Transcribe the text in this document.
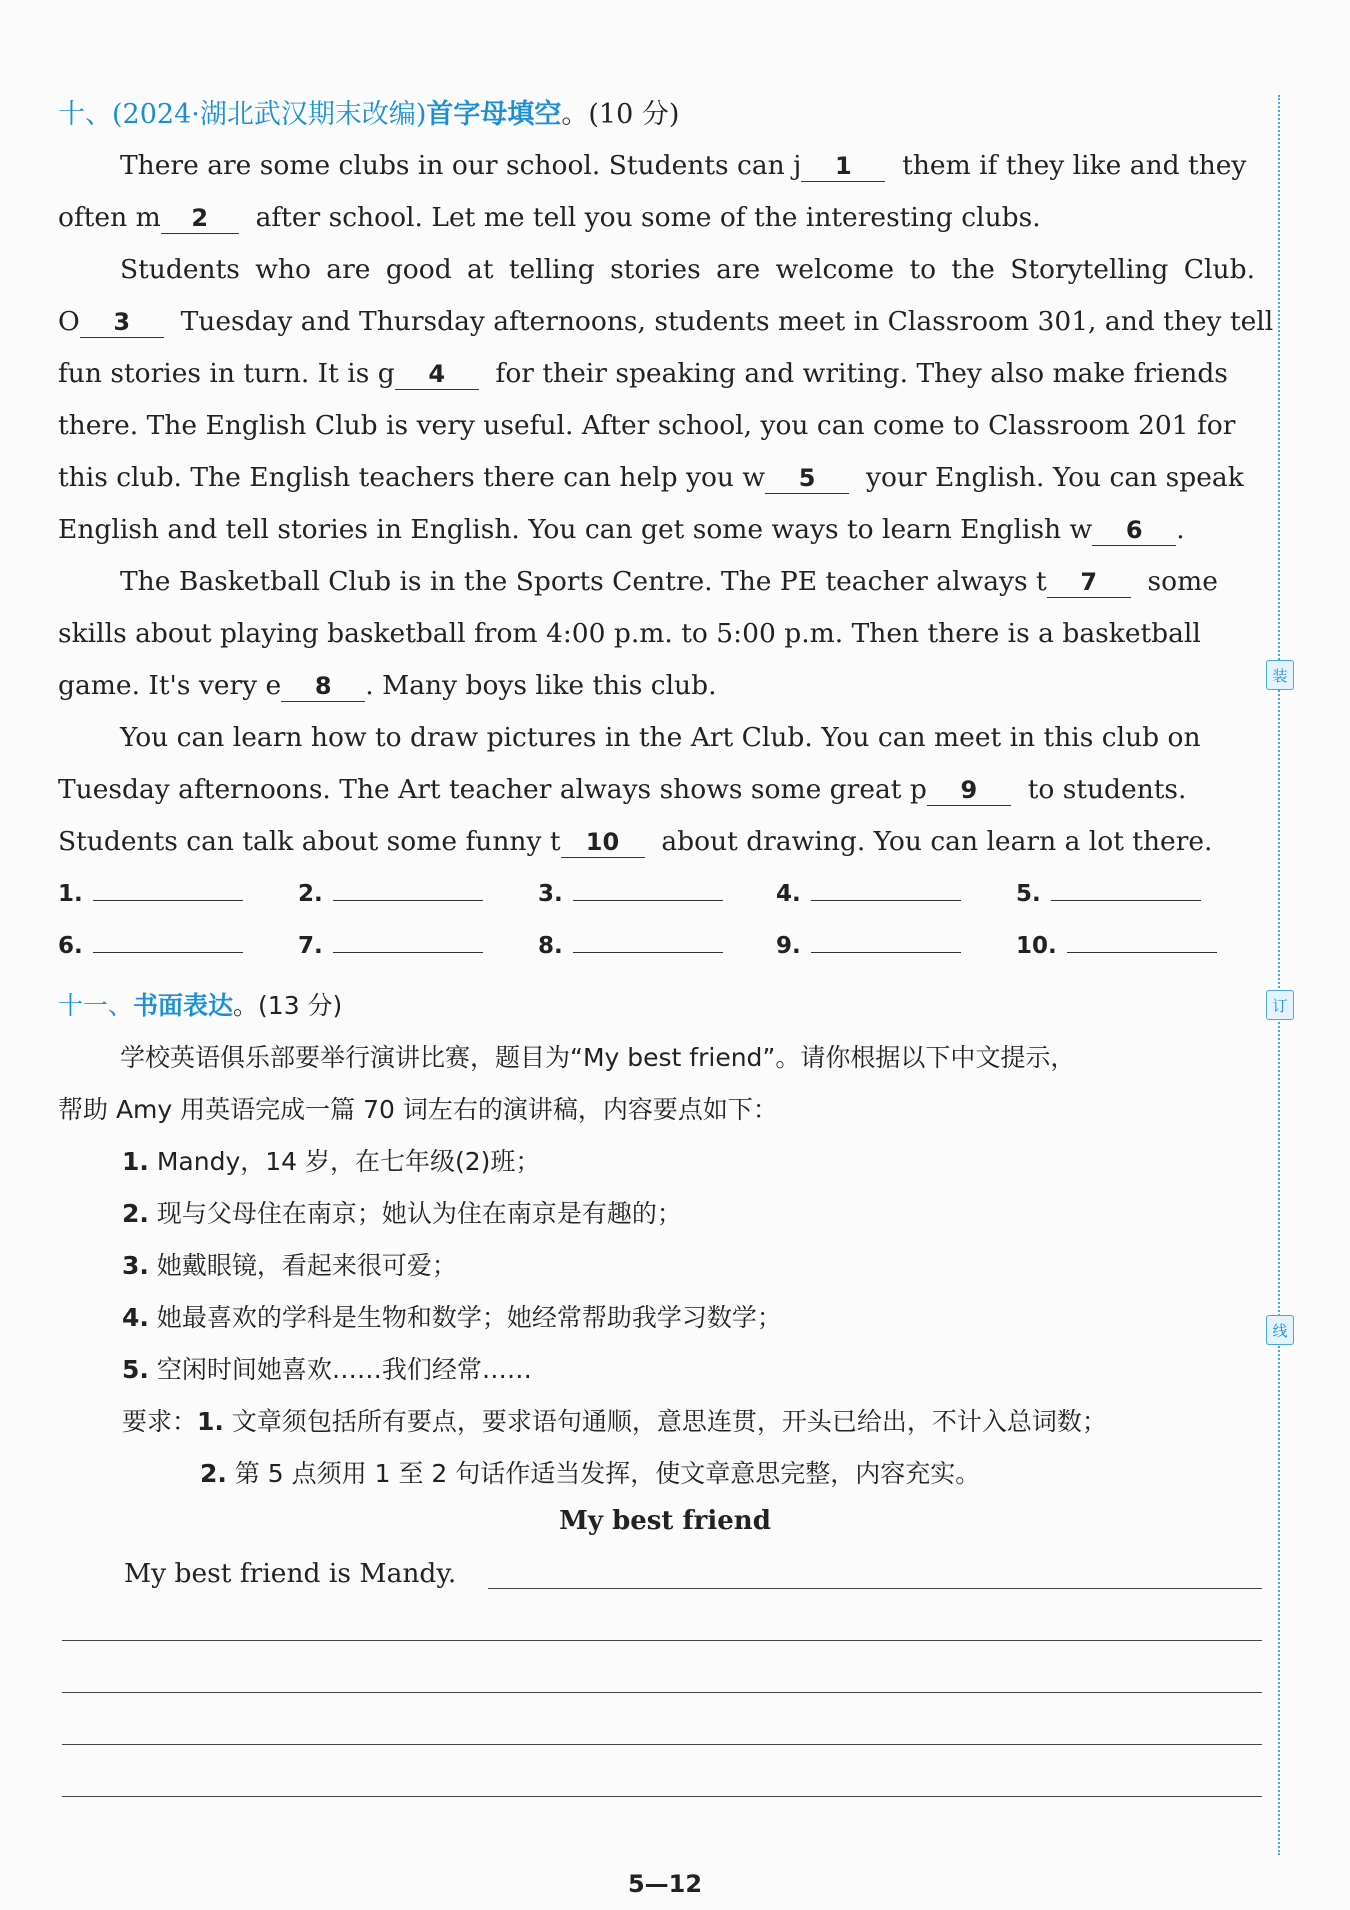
十、(2024·湖北武汉期末改编)首字母填空。(10 分)
There are some clubs in our school. Students can j 1 them if they like and they
often m 2 after school. Let me tell you some of the interesting clubs.
Students who are good at telling stories are welcome to the Storytelling Club.
O 3 Tuesday and Thursday afternoons, students meet in Classroom 301, and they tell
fun stories in turn. It is g 4 for their speaking and writing. They also make friends
there. The English Club is very useful. After school, you can come to Classroom 201 for
this club. The English teachers there can help you w 5 your English. You can speak
English and tell stories in English. You can get some ways to learn English w 6 .
The Basketball Club is in the Sports Centre. The PE teacher always t 7 some
skills about playing basketball from 4:00 p.m. to 5:00 p.m. Then there is a basketball
game. It's very e 8 . Many boys like this club.
You can learn how to draw pictures in the Art Club. You can meet in this club on
Tuesday afternoons. The Art teacher always shows some great p 9 to students.
Students can talk about some funny t 10 about drawing. You can learn a lot there.
1.	2.	3.	4.	5.
6.	7.	8.	9.	10.
十一、书面表达。(13 分)
学校英语俱乐部要举行演讲比赛，题目为“My best friend”。请你根据以下中文提示，
帮助 Amy 用英语完成一篇 70 词左右的演讲稿，内容要点如下：
1. Mandy，14 岁，在七年级(2)班；
2. 现与父母住在南京；她认为住在南京是有趣的；
3. 她戴眼镜，看起来很可爱；
4. 她最喜欢的学科是生物和数学；她经常帮助我学习数学；
5. 空闲时间她喜欢……我们经常……
要求：1. 文章须包括所有要点，要求语句通顺，意思连贯，开头已给出，不计入总词数；
2. 第 5 点须用 1 至 2 句话作适当发挥，使文章意思完整，内容充实。
My best friend
My best friend is Mandy.
装
订
线
5—12
